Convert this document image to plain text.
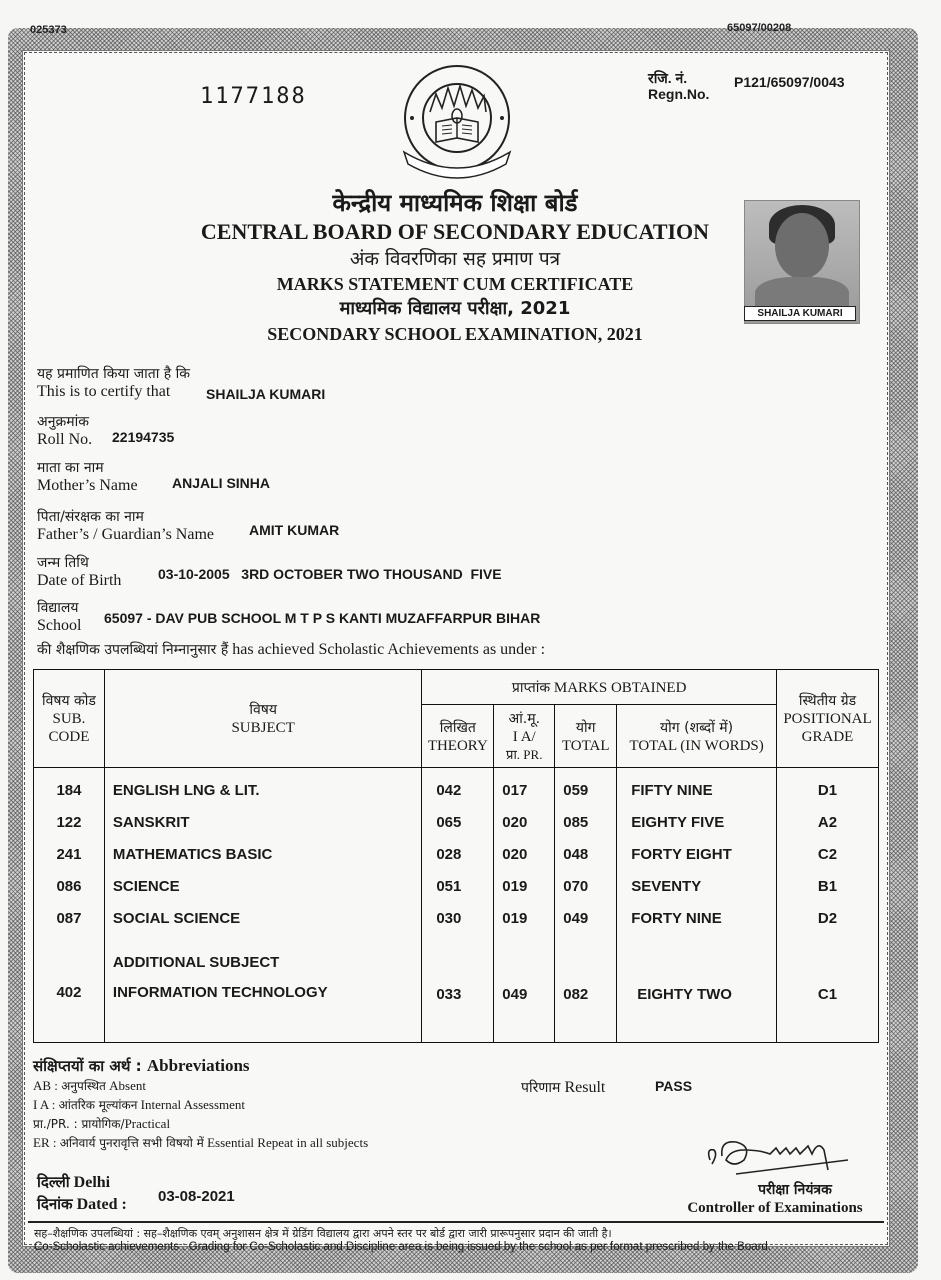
025373	65097/00208
1177188
रजि. नं.
Regn.No.
P121/65097/0043
केन्द्रीय माध्यमिक शिक्षा बोर्ड
CENTRAL BOARD OF SECONDARY EDUCATION
अंक विवरणिका सह प्रमाण पत्र
MARKS STATEMENT CUM CERTIFICATE
माध्यमिक विद्यालय परीक्षा, 2021
SECONDARY SCHOOL EXAMINATION, 2021
SHAILJA KUMARI
यह प्रमाणित किया जाता है कि
This is to certify that	SHAILJA KUMARI
अनुक्रमांक
Roll No. 22194735
माता का नाम
Mother’s Name ANJALI SINHA
पिता/संरक्षक का नाम
Father’s / Guardian’s Name	AMIT KUMAR
जन्म तिथि
Date of Birth	03-10-2005   3RD OCTOBER TWO THOUSAND  FIVE
विद्यालय
School 65097 - DAV PUB SCHOOL M T P S KANTI MUZAFFARPUR BIHAR
की शैक्षणिक उपलब्धियां निम्नानुसार हैं has achieved Scholastic Achievements as under :
विषय कोड
SUB. CODE	विषय
SUBJECT	प्राप्तांक MARKS OBTAINED				स्थितीय ग्रेड
POSITIONAL
GRADE

		लिखित
THEORY	आं.मू.
I A/
प्रा. PR.	योग
TOTAL	योग (शब्दों में)
TOTAL (IN WORDS)	
184	ENGLISH LNG & LIT.	042	017	059	FIFTY NINE	D1
122	SANSKRIT	065	020	085	EIGHTY FIVE	A2
241	MATHEMATICS BASIC	028	020	048	FORTY EIGHT	C2
086	SCIENCE	051	019	070	SEVENTY	B1
087	SOCIAL SCIENCE	030	019	049	FORTY NINE	D2
	ADDITIONAL SUBJECT					
402	INFORMATION TECHNOLOGY	033	049	082	EIGHTY TWO	C1
संक्षिप्तयों का अर्थ : Abbreviations
AB : अनुपस्थित Absent
I A : आंतरिक मूल्यांकन Internal Assessment
प्रा./PR. : प्रायोगिक/Practical
ER : अनिवार्य पुनरावृत्ति सभी विषयो में Essential Repeat in all subjects
परिणाम Result	PASS
परीक्षा नियंत्रक
Controller of Examinations
दिल्ली Delhi
दिनांक Dated : 03-08-2021
सह–शैक्षणिक उपलब्धियां : सह–शैक्षणिक एवम् अनुशासन क्षेत्र में ग्रेडिंग विद्यालय द्वारा अपने स्तर पर बोर्ड द्वारा जारी प्रारूपनुसार प्रदान की जाती है।
Co-Scholastic achievements : Grading for Co-Scholastic and Discipline area is being issued by the school as per format prescribed by the Board.
